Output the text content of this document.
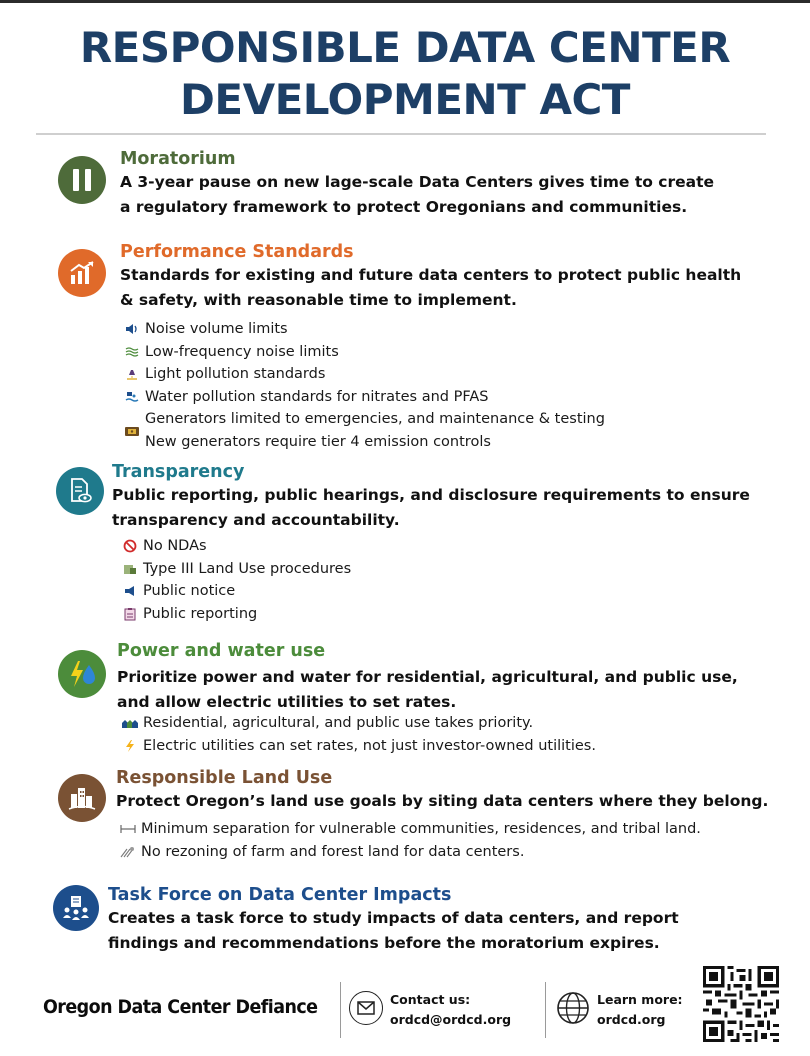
RESPONSIBLE DATA CENTER
DEVELOPMENT ACT
Moratorium
A 3-year pause on new lage-scale Data Centers gives time to create a regulatory framework to protect Oregonians and communities.
Performance Standards
Standards for existing and future data centers to protect public health & safety, with reasonable time to implement.
Noise volume limits
Low-frequency noise limits
Light pollution standards
Water pollution standards for nitrates and PFAS
Generators limited to emergencies, and maintenance & testing
New generators require tier 4 emission controls
Transparency
Public reporting, public hearings, and disclosure requirements to ensure transparency and accountability.
No NDAs
Type III Land Use procedures
Public notice
Public reporting
Power and water use
Prioritize power and water for residential, agricultural, and public use, and allow electric utilities to set rates.
Residential, agricultural, and public use takes priority.
Electric utilities can set rates, not just investor-owned utilities.
Responsible Land Use
Protect Oregon’s land use goals by siting data centers where they belong.
Minimum separation for vulnerable communities, residences, and tribal land.
No rezoning of farm and forest land for data centers.
Task Force on Data Center Impacts
Creates a task force to study impacts of data centers, and report findings and recommendations before the moratorium expires.
Oregon Data Center Defiance	Contact us:
ordcd@ordcd.org
Learn more:
ordcd.org
